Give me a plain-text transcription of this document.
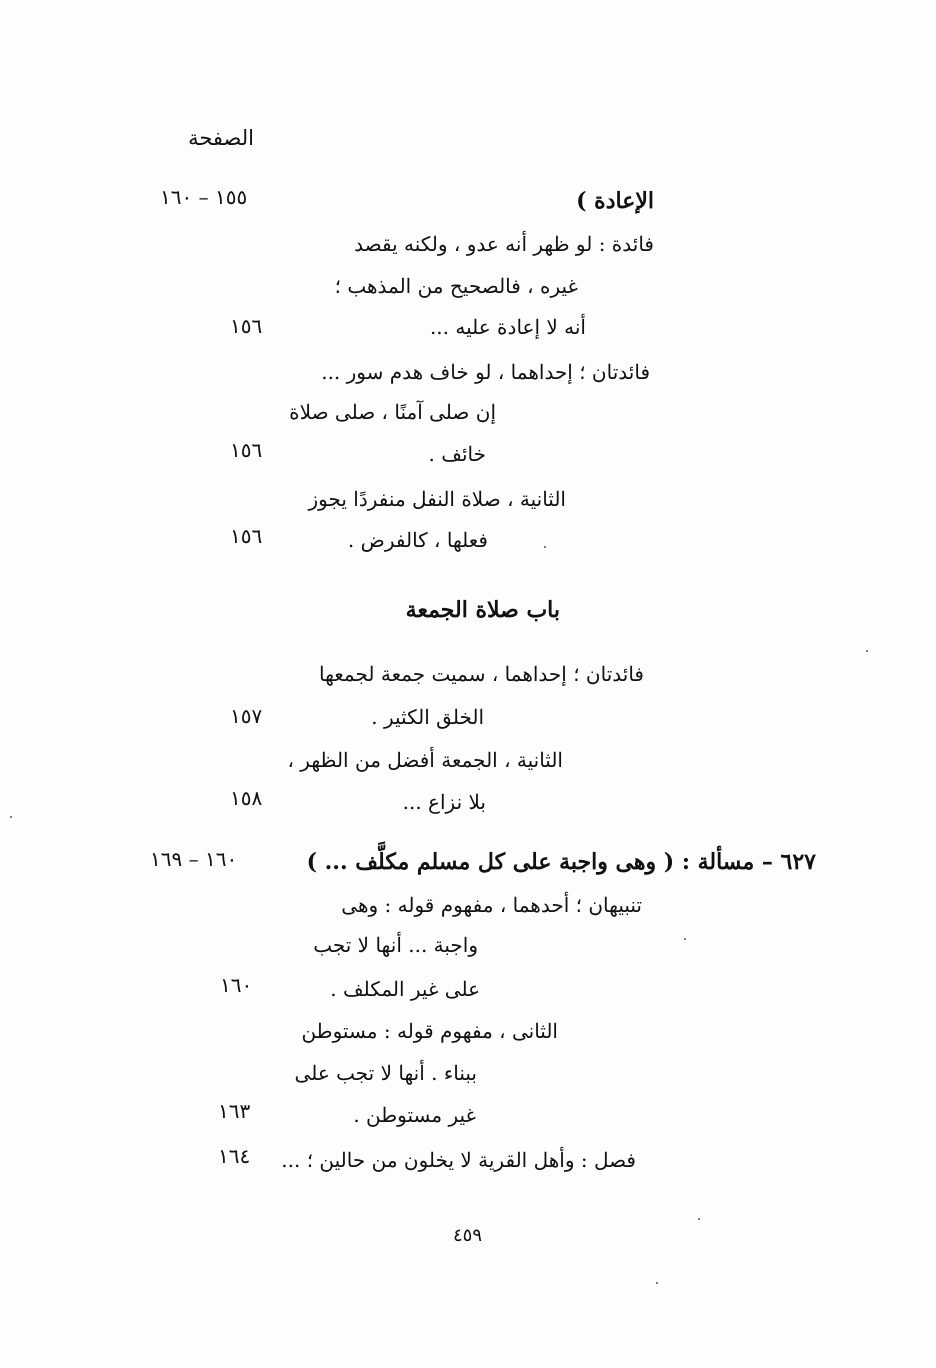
الصفحة
الإعادة )
١٥٥ – ١٦٠
فائدة : لو ظهر أنه عدو ، ولكنه يقصد
غيره ، فالصحيح من المذهب ؛
أنه لا إعادة عليه ...
١٥٦
فائدتان ؛ إحداهما ، لو خاف هدم سور ...
إن صلى آمنًا ، صلى صلاة
خائف .
١٥٦
الثانية ، صلاة النفل منفردًا يجوز
فعلها ، كالفرض .
١٥٦
باب صلاة الجمعة
فائدتان ؛ إحداهما ، سميت جمعة لجمعها
الخلق الكثير .
١٥٧
الثانية ، الجمعة أفضل من الظهر ،
بلا نزاع ...
١٥٨
٦٢٧ – مسألة : ( وهى واجبة على كل مسلم مكلَّف ... )
١٦٠ – ١٦٩
تنبيهان ؛ أحدهما ، مفهوم قوله : وهى
واجبة ... أنها لا تجب
على غير المكلف .
١٦٠
الثانى ، مفهوم قوله : مستوطن
ببناء . أنها لا تجب على
غير مستوطن .
١٦٣
فصل : وأهل القرية لا يخلون من حالين ؛ ...
١٦٤
٤٥٩
